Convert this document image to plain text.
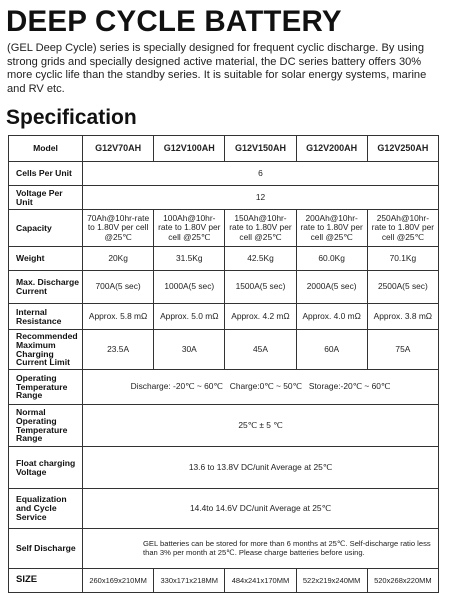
DEEP CYCLE BATTERY

(GEL Deep Cycle) series is specially designed for frequent cyclic discharge. By using strong grids and specially designed active material, the DC series battery offers 30% more cyclic life than the standby series. It is suitable for solar energy systems, marine and RV etc.

Specification
Model	G12V70AH	G12V100AH	G12V150AH	G12V200AH	G12V250AH
Cells Per Unit	6				
Voltage Per Unit	12				
Capacity	70Ah@10hr-rate to 1.80V per cell @25℃	100Ah@10hr-rate to 1.80V per cell @25℃	150Ah@10hr-rate to 1.80V per cell @25℃	200Ah@10hr-rate to 1.80V per cell @25℃	250Ah@10hr-rate to 1.80V per cell @25℃
Weight	20Kg	31.5Kg	42.5Kg	60.0Kg	70.1Kg
Max. Discharge Current	700A(5 sec)	1000A(5 sec)	1500A(5 sec)	2000A(5 sec)	2500A(5 sec)
Internal Resistance	Approx. 5.8 mΩ	Approx. 5.0 mΩ	Approx. 4.2 mΩ	Approx. 4.0 mΩ	Approx. 3.8 mΩ
Recommended Maximum Charging Current Limit	23.5A	30A	45A	60A	75A
Operating Temperature Range	Discharge: -20℃ ~ 60℃   Charge:0℃ ~ 50℃   Storage:-20℃ ~ 60℃				
Normal Operating Temperature Range	25℃ ± 5 ℃				
Float charging Voltage	13.6 to 13.8V DC/unit Average at 25℃				
Equalization and Cycle Service	14.4to 14.6V DC/unit Average at 25℃				
Self Discharge	GEL batteries can be stored for more than 6 months at 25℃. Self-discharge ratio less than 3% per month at 25℃. Please charge batteries before using.				
SIZE	260x169x210MM	330x171x218MM	484x241x170MM	522x219x240MM	520x268x220MM
